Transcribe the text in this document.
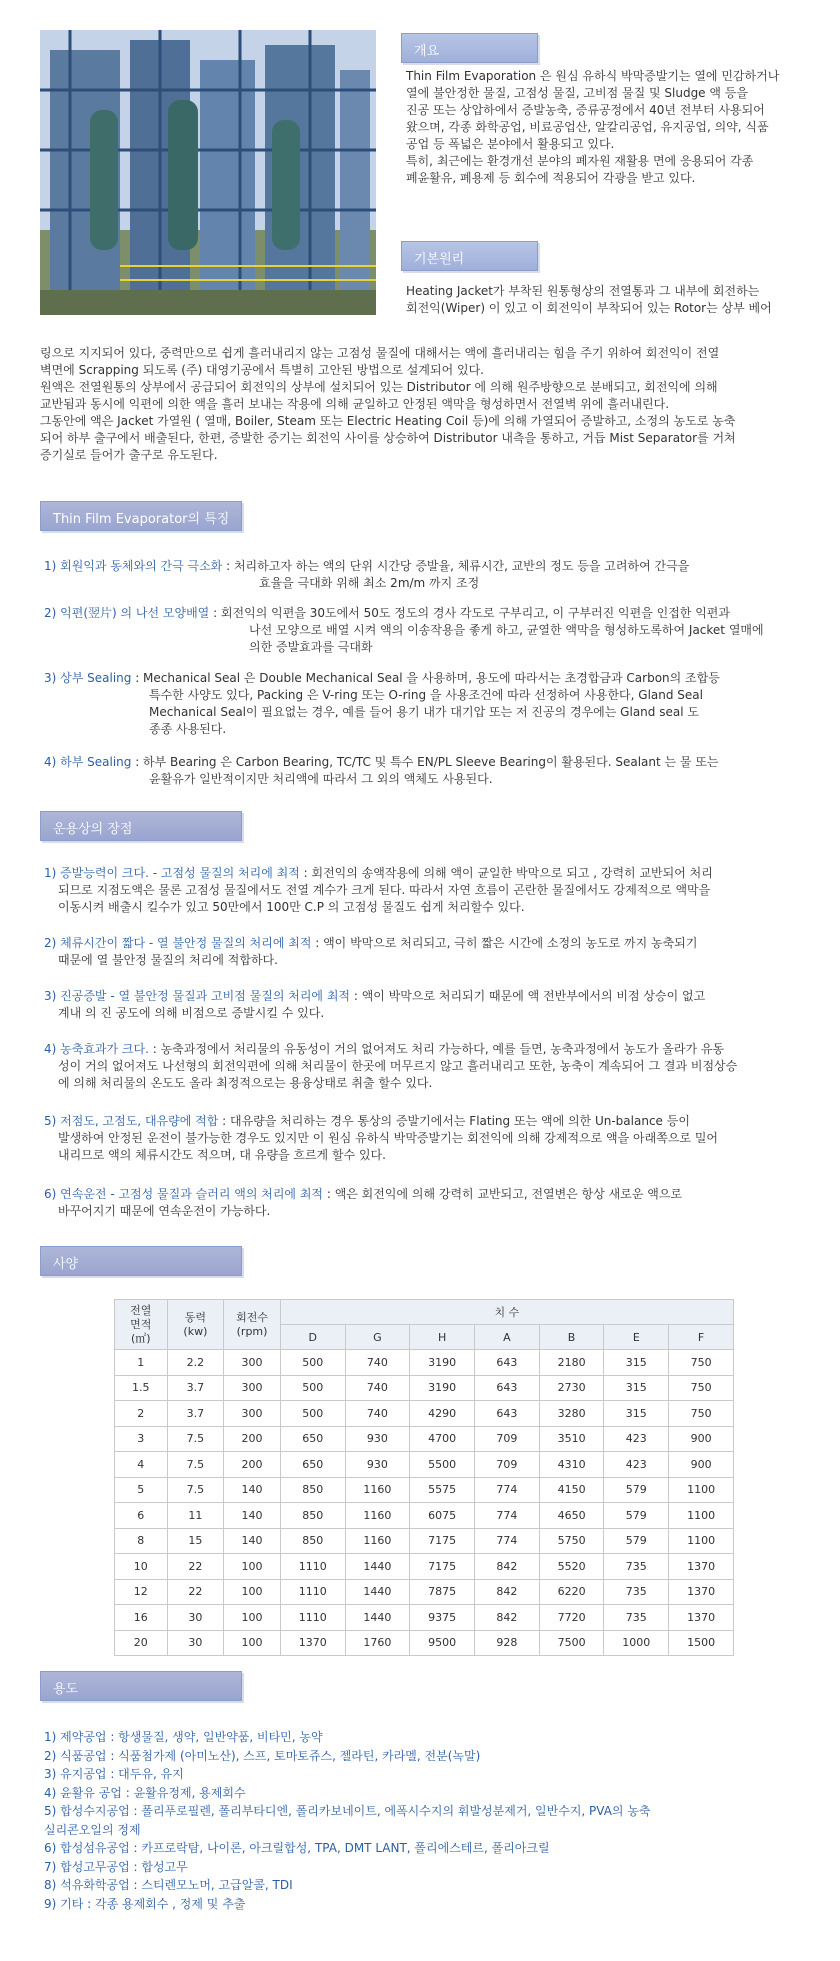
개요
Thin Film Evaporation 은 원심 유하식 박막증발기는 열에 민감하거나
열에 불안정한 물질, 고점성 물질, 고비점 물질 및 Sludge 액 등을
진공 또는 상압하에서 증발농축, 증류공정에서 40년 전부터 사용되어
왔으며, 각종 화학공업, 비료공업산, 알칼리공업, 유지공업, 의약, 식품
공업 등 폭넓은 분야에서 활용되고 있다.
특히, 최근에는 환경개선 분야의 폐자원 재활용 면에 응용되어 각종
폐윤활유, 폐용제 등 회수에 적용되어 각광을 받고 있다.
기본원리
Heating Jacket가 부착된 원통형상의 전열통과 그 내부에 회전하는
회전익(Wiper) 이 있고 이 회전익이 부착되어 있는 Rotor는 상부 베어
링으로 지지되어 있다, 중력만으로 쉽게 흘러내리지 않는 고점성 물질에 대해서는 액에 흘러내리는 힘을 주기 위하여 회전익이 전열
벽면에 Scrapping 되도록 (주) 대영기공에서 특별히 고안된 방법으로 설계되어 있다.
원액은 전열원통의 상부에서 공급되어 회전익의 상부에 설치되어 있는 Distributor 에 의해 원주방향으로 분배되고, 회전익에 의해
교반됨과 동시에 익편에 의한 액을 흘러 보내는 작용에 의해 균일하고 안정된 액막을 형성하면서 전열벽 위에 흘러내린다.
그동안에 액은 Jacket 가열원 ( 열매, Boiler, Steam 또는 Electric Heating Coil 등)에 의해 가열되어 증발하고, 소정의 농도로 농축
되어 하부 출구에서 배출된다, 한편, 증발한 증기는 회전익 사이를 상승하여 Distributor 내측을 통하고, 거듭 Mist Separator를 거쳐
증기실로 들어가 출구로 유도된다.
Thin Film Evaporator의 특징
1) 회원익과 동체와의 간극 극소화 : 처리하고자 하는 액의 단위 시간당 증발율, 체류시간, 교반의 정도 등을 고려하여 간극을
효율을 극대화 위해 최소 2m/m 까지 조정
2) 익편(翌片) 의 나선 모양배열 : 회전익의 익편을 30도에서 50도 정도의 경사 각도로 구부리고, 이 구부러진 익편을 인접한 익편과
나선 모양으로 배열 시켜 액의 이송작용을 좋게 하고, 균열한 액막을 형성하도록하여 Jacket 열매에
의한 증발효과를 극대화
3) 상부 Sealing : Mechanical Seal 은 Double Mechanical Seal 을 사용하며, 용도에 따라서는 초경합금과 Carbon의 조합등
특수한 사양도 있다, Packing 은 V-ring 또는 O-ring 을 사용조건에 따라 선정하여 사용한다, Gland Seal
Mechanical Seal이 필요없는 경우, 예를 들어 용기 내가 대기압 또는 저 진공의 경우에는 Gland seal 도
종종 사용된다.
4) 하부 Sealing : 하부 Bearing 은 Carbon Bearing, TC/TC 및 특수 EN/PL Sleeve Bearing이 활용된다. Sealant 는 물 또는
윤활유가 일반적이지만 처리액에 따라서 그 외의 액체도 사용된다.
운용상의 장점
1) 증발능력이 크다. - 고점성 물질의 처리에 최적 : 회전익의 송액작용에 의해 액이 균일한 박막으로 되고 , 강력히 교반되어 처리
되므로 지점도액은 물론 고점성 물질에서도 전열 계수가 크게 된다. 따라서 자연 흐름이 곤란한 물질에서도 강제적으로 액막을
이동시켜 배출시 킬수가 있고 50만에서 100만 C.P 의 고점성 물질도 쉽게 처리할수 있다.
2) 체류시간이 짧다 - 열 불안정 물질의 처리에 최적 : 액이 박막으로 처리되고, 극히 짧은 시간에 소정의 농도로 까지 농축되기
때문에 열 불안정 물질의 처리에 적합하다.
3) 진공증발 - 열 불안정 물질과 고비점 물질의 처리에 최적 : 액이 박막으로 처리되기 때문에 액 전반부에서의 비점 상승이 없고
계내 의 진 공도에 의해 비점으로 증발시킬 수 있다.
4) 농축효과가 크다. : 농축과정에서 처리물의 유동성이 거의 없어져도 처리 가능하다, 예를 들면, 농축과정에서 농도가 올라가 유동
성이 거의 없어져도 나선형의 회전익편에 의해 처리물이 한곳에 머무르지 않고 흘러내리고 또한, 농축이 계속되어 그 결과 비점상승
에 의해 처리물의 온도도 올라 최정적으로는 용융상태로 취출 할수 있다.
5) 저점도, 고점도, 대유량에 적합 : 대유량을 처리하는 경우 통상의 증발기에서는 Flating 또는 액에 의한 Un-balance 등이
발생하여 안정된 운전이 불가능한 경우도 있지만 이 원심 유하식 박막증발기는 회전익에 의해 강제적으로 액을 아래쪽으로 밀어
내리므로 액의 체류시간도 적으며, 대 유량을 흐르게 할수 있다.
6) 연속운전 - 고점성 물질과 슬러리 액의 처리에 최적 : 액은 회전익에 의해 강력히 교반되고, 전열변은 항상 새로운 액으로
바꾸어지기 때문에 연속운전이 가능하다.
사양
전열
면적
(㎡)	동력
(kw)	회전수
(rpm)	치 수						
			D	G	H	A	B	E	F
1	2.2	300	500	740	3190	643	2180	315	750
1.5	3.7	300	500	740	3190	643	2730	315	750
2	3.7	300	500	740	4290	643	3280	315	750
3	7.5	200	650	930	4700	709	3510	423	900
4	7.5	200	650	930	5500	709	4310	423	900
5	7.5	140	850	1160	5575	774	4150	579	1100
6	11	140	850	1160	6075	774	4650	579	1100
8	15	140	850	1160	7175	774	5750	579	1100
10	22	100	1110	1440	7175	842	5520	735	1370
12	22	100	1110	1440	7875	842	6220	735	1370
16	30	100	1110	1440	9375	842	7720	735	1370
20	30	100	1370	1760	9500	928	7500	1000	1500
용도
1) 제약공업 : 항생물질, 생약, 일반약품, 비타민, 농약
2) 식품공업 : 식품첨가제 (아미노산), 스프, 토마토쥬스, 젤라틴, 카라멜, 전분(녹말)
3) 유지공업 : 대두유, 유지
4) 윤활유 공업 : 윤활유정제, 용제회수
5) 합성수지공업 : 폴리푸로필렌, 폴리부타디엔, 폴리카보네이트, 에폭시수지의 휘발성분제거, 일반수지, PVA의 농축
실리콘오일의 정제
6) 합성섬유공업 : 카프로락탐, 나이론, 아크릴합성, TPA, DMT LANT, 폴리에스테르, 폴리아크릴
7) 합성고무공업 : 합성고무
8) 석유화학공업 : 스티렌모노머, 고급알콜, TDI
9) 기타 : 각종 용제회수 , 정제 및 추출
